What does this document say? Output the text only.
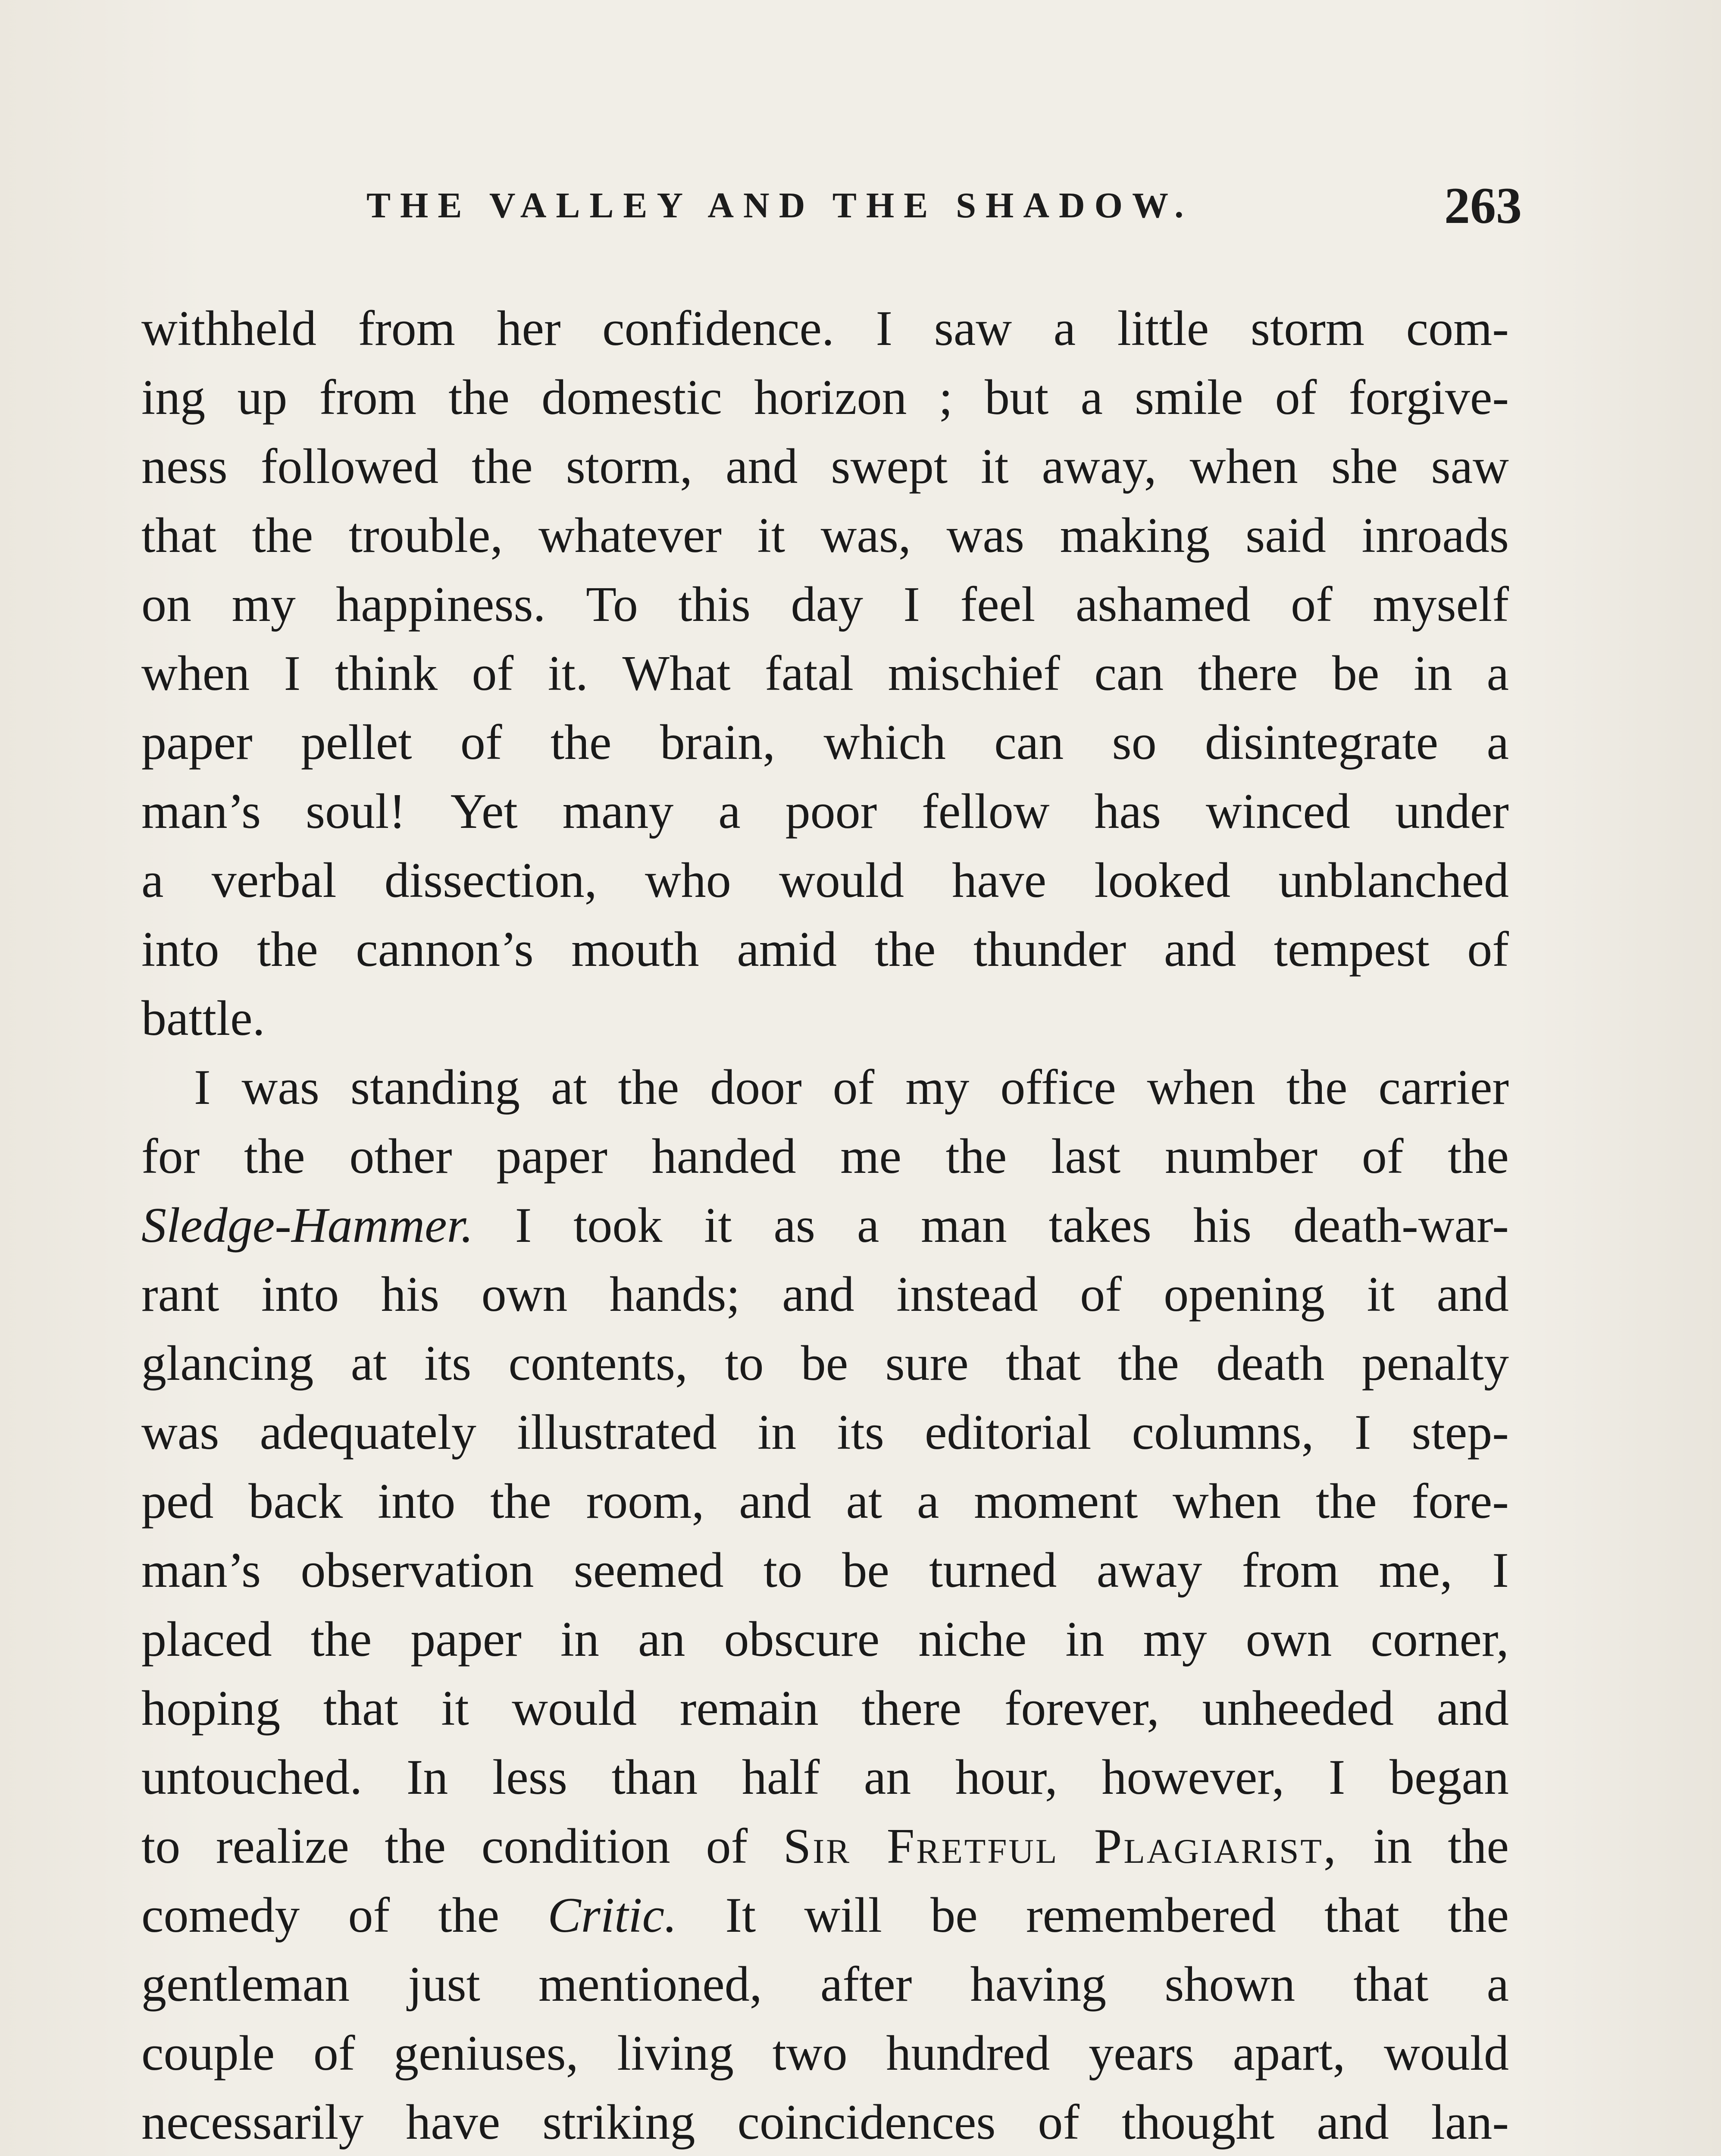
THE VALLEY AND THE SHADOW.	263
withheld from her confidence. I saw a little storm com-
ing up from the domestic horizon ; but a smile of forgive-
ness followed the storm, and swept it away, when she saw
that the trouble, whatever it was, was making said inroads
on my happiness. To this day I feel ashamed of myself
when I think of it. What fatal mischief can there be in a
paper pellet of the brain, which can so disintegrate a
man’s soul! Yet many a poor fellow has winced under
a verbal dissection, who would have looked unblanched
into the cannon’s mouth amid the thunder and tempest of
battle.
I was standing at the door of my office when the carrier
for the other paper handed me the last number of the
Sledge-Hammer. I took it as a man takes his death-war-
rant into his own hands; and instead of opening it and
glancing at its contents, to be sure that the death penalty
was adequately illustrated in its editorial columns, I step-
ped back into the room, and at a moment when the fore-
man’s observation seemed to be turned away from me, I
placed the paper in an obscure niche in my own corner,
hoping that it would remain there forever, unheeded and
untouched. In less than half an hour, however, I began
to realize the condition of Sir Fretful Plagiarist, in the
comedy of the Critic. It will be remembered that the
gentleman just mentioned, after having shown that a
couple of geniuses, living two hundred years apart, would
necessarily have striking coincidences of thought and lan-
